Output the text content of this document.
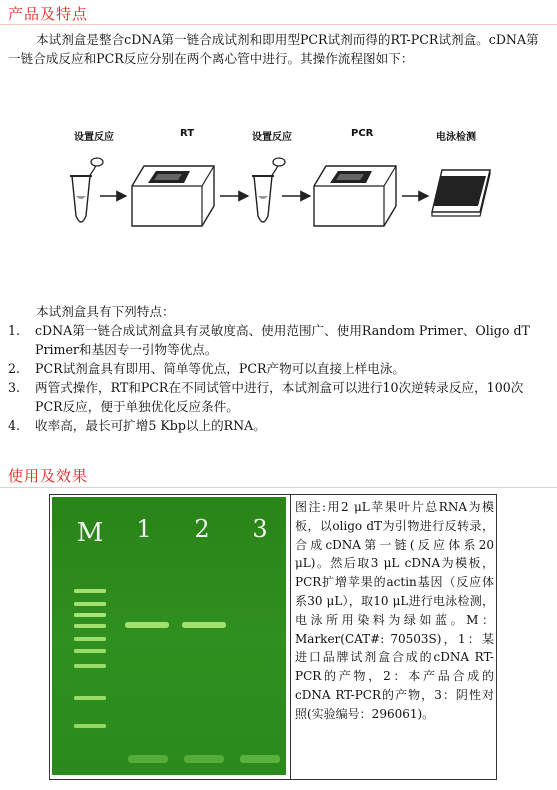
产品及特点
本试剂盒是整合cDNA第一链合成试剂和即用型PCR试剂而得的RT-PCR试剂盒。cDNA第一链合成反应和PCR反应分别在两个离心管中进行。其操作流程图如下：
设置反应	RT	设置反应	PCR	电泳检测
本试剂盒具有下列特点：
1.	cDNA第一链合成试剂盒具有灵敏度高、使用范围广、使用Random Primer、Oligo dT Primer和基因专一引物等优点。
2.	PCR试剂盒具有即用、简单等优点，PCR产物可以直接上样电泳。
3.	两管式操作，RT和PCR在不同试管中进行，本试剂盒可以进行10次逆转录反应，100次PCR反应，便于单独优化反应条件。
4.	收率高，最长可扩增5 Kbp以上的RNA。
使用及效果
M 1 2 3
图注:用2 μL苹果叶片总RNA为模板，以oligo dT为引物进行反转录，合成cDNA第一链(反应体系20 μL)。然后取3 μL cDNA为模板，PCR扩增苹果的actin基因（反应体系30 μL），取10 μL进行电泳检测，电泳所用染料为绿如蓝。M：Marker(CAT#: 70503S)，1：某进口品牌试剂盒合成的cDNA RT-PCR的产物，2：本产品合成的 cDNA RT-PCR的产物，3：阴性对照(实验编号：296061)。
